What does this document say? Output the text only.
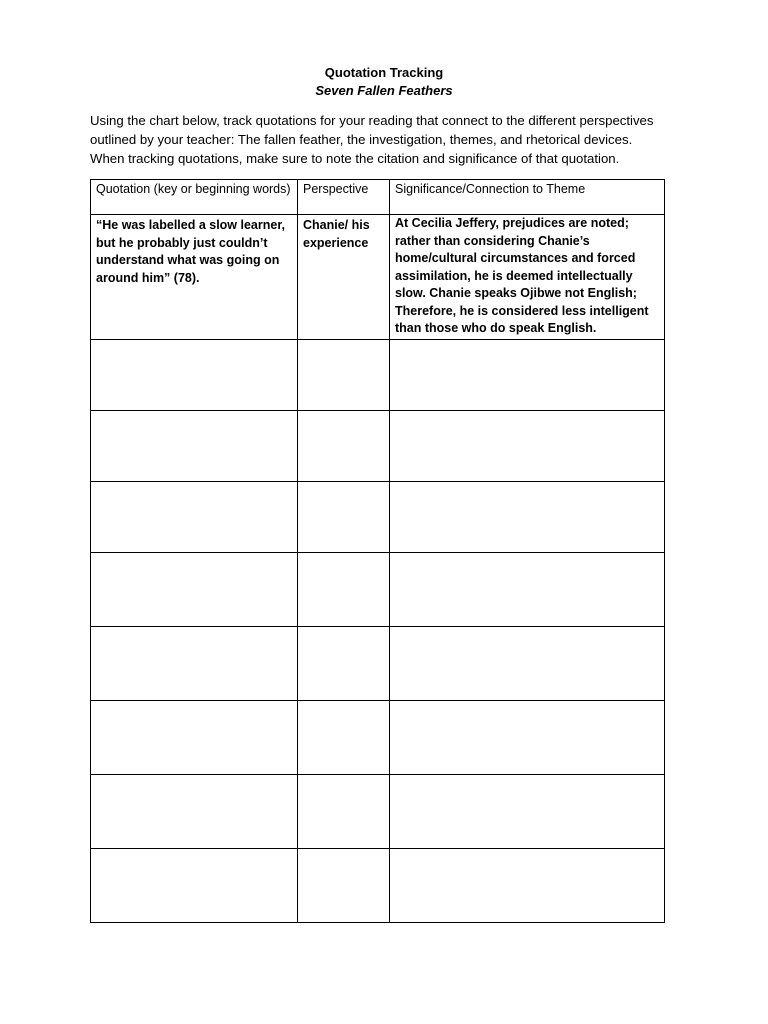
Quotation Tracking
Seven Fallen Feathers

Using the chart below, track quotations for your reading that connect to the different perspectives outlined by your teacher: The fallen feather, the investigation, themes, and rhetorical devices. When tracking quotations, make sure to note the citation and significance of that quotation.

Quotation (key or beginning words)	Perspective	Significance/Connection to Theme
“He was labelled a slow learner, but he probably just couldn’t understand what was going on around him” (78).	Chanie/ his experience	At Cecilia Jeffery, prejudices are noted; rather than considering Chanie’s home/cultural circumstances and forced assimilation, he is deemed intellectually slow. Chanie speaks Ojibwe not English; Therefore, he is considered less intelligent than those who do speak English.
